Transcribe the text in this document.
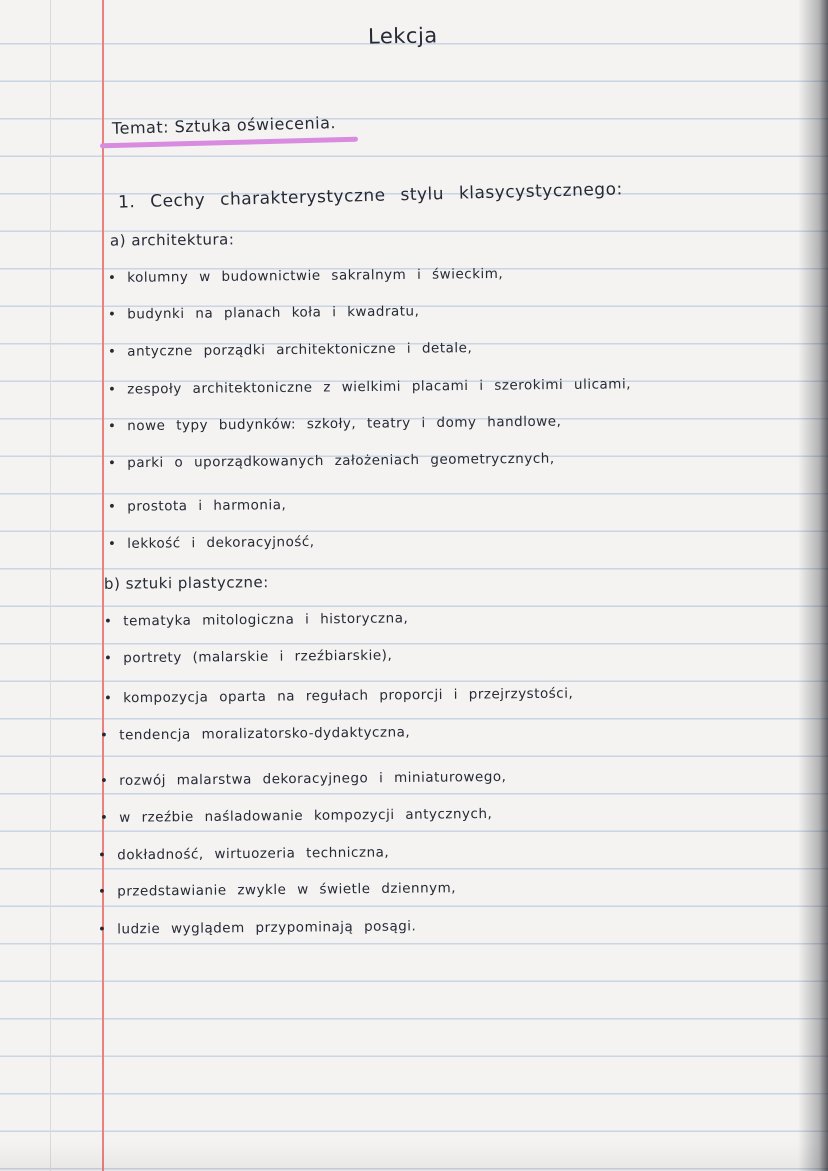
Lekcja
Temat: Sztuka oświecenia.
1. Cechy charakterystyczne stylu klasycystycznego:
a) architektura:
• kolumny w budownictwie sakralnym i świeckim,
• budynki na planach koła i kwadratu,
• antyczne porządki architektoniczne i detale,
• zespoły architektoniczne z wielkimi placami i szerokimi ulicami,
• nowe typy budynków: szkoły, teatry i domy handlowe,
• parki o uporządkowanych założeniach geometrycznych,
• prostota i harmonia,
• lekkość i dekoracyjność,
b) sztuki plastyczne:
• tematyka mitologiczna i historyczna,
• portrety (malarskie i rzeźbiarskie),
• kompozycja oparta na regułach proporcji i przejrzystości,
• tendencja moralizatorsko-dydaktyczna,
• rozwój malarstwa dekoracyjnego i miniaturowego,
• w rzeźbie naśladowanie kompozycji antycznych,
• dokładność, wirtuozeria techniczna,
• przedstawianie zwykle w świetle dziennym,
• ludzie wyglądem przypominają posągi.
